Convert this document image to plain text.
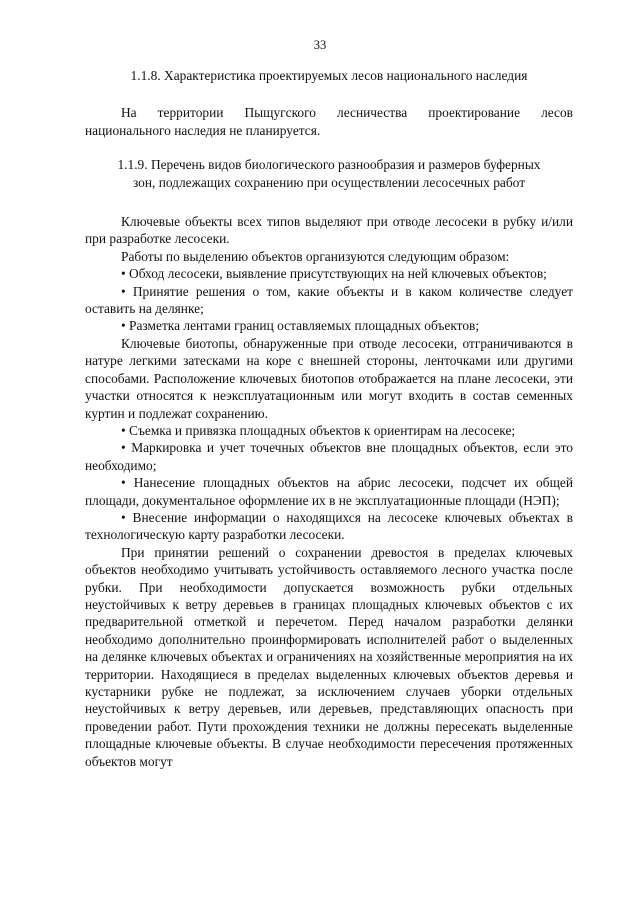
33

1.1.8. Характеристика проектируемых лесов национального наследия

На территории Пыщугского лесничества проектирование лесов национального наследия не планируется.

1.1.9. Перечень видов биологического разнообразия и размеров буферных

зон, подлежащих сохранению при осуществлении лесосечных работ

Ключевые объекты всех типов выделяют при отводе лесосеки в рубку и/или при разработке лесосеки.

Работы по выделению объектов организуются следующим образом:

• Обход лесосеки, выявление присутствующих на ней ключевых объектов;

• Принятие решения о том, какие объекты и в каком количестве следует оставить на делянке;

• Разметка лентами границ оставляемых площадных объектов;

Ключевые биотопы, обнаруженные при отводе лесосеки, отграничиваются в натуре легкими затесками на коре с внешней стороны, ленточками или другими способами. Расположение ключевых биотопов отображается на плане лесосеки, эти участки относятся к неэксплуатационным или могут входить в состав семенных куртин и подлежат сохранению.

• Съемка и привязка площадных объектов к ориентирам на лесосеке;

• Маркировка и учет точечных объектов вне площадных объектов, если это необходимо;

• Нанесение площадных объектов на абрис лесосеки, подсчет их общей площади, документальное оформление их в не эксплуатационные площади (НЭП);

• Внесение информации о находящихся на лесосеке ключевых объектах в технологическую карту разработки лесосеки.

При принятии решений о сохранении древостоя в пределах ключевых объектов необходимо учитывать устойчивость оставляемого лесного участка после рубки. При необходимости допускается возможность рубки отдельных неустойчивых к ветру деревьев в границах площадных ключевых объектов с их предварительной отметкой и перечетом. Перед началом разработки делянки необходимо дополнительно проинформировать исполнителей работ о выделенных на делянке ключевых объектах и ограничениях на хозяйственные мероприятия на их территории. Находящиеся в пределах выделенных ключевых объектов деревья и кустарники рубке не подлежат, за исключением случаев уборки отдельных неустойчивых к ветру деревьев, или деревьев, представляющих опасность при проведении работ. Пути прохождения техники не должны пересекать выделенные площадные ключевые объекты. В случае необходимости пересечения протяженных объектов могут
